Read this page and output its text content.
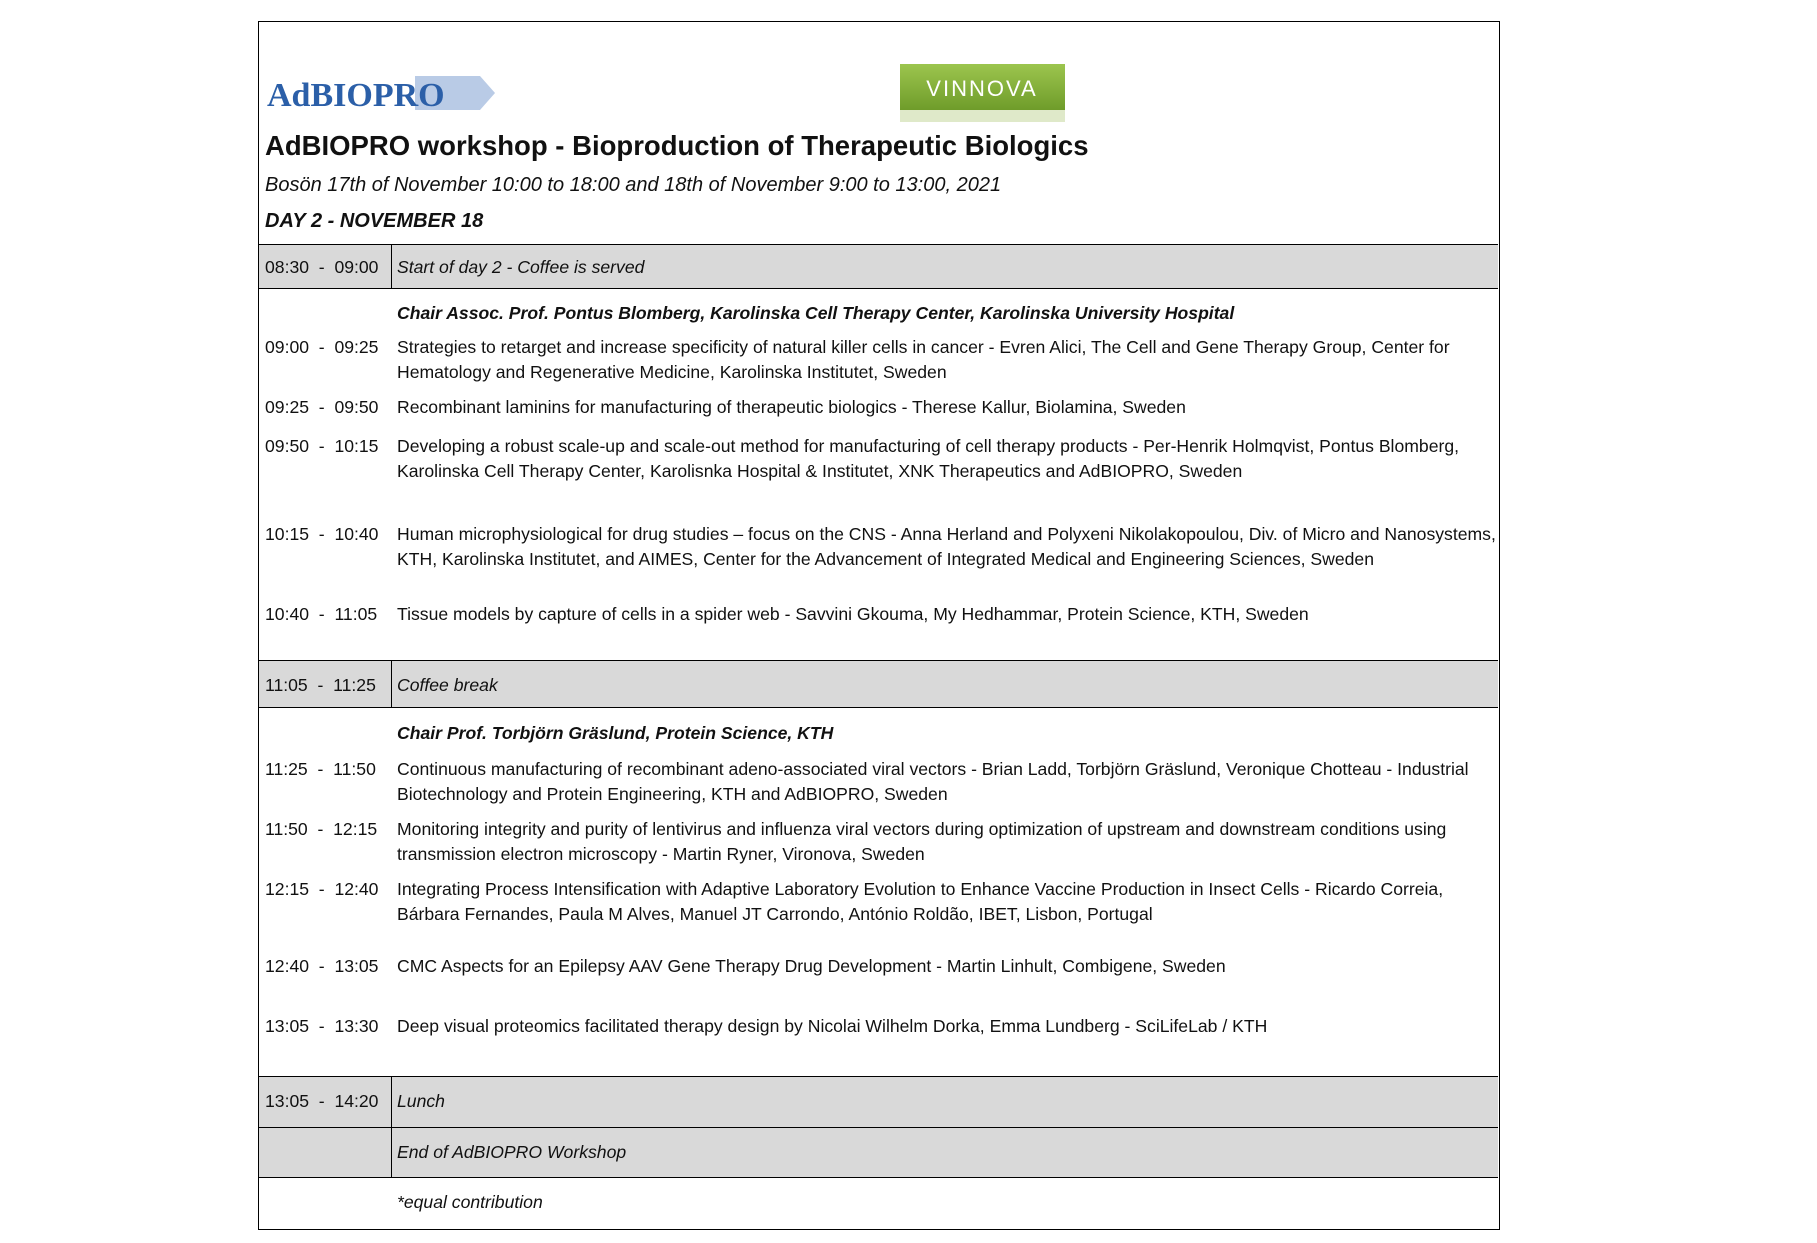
AdBIOPRO	VINNOVA
AdBIOPRO workshop - Bioproduction of Therapeutic Biologics
Bosön 17th of November 10:00 to 18:00 and 18th of November 9:00 to 13:00, 2021
DAY 2 - NOVEMBER 18
08:30  -  09:00 Start of day 2 - Coffee is served
Chair Assoc. Prof. Pontus Blomberg, Karolinska Cell Therapy Center, Karolinska University Hospital
09:00  -  09:25 Strategies to retarget and increase specificity of natural killer cells in cancer - Evren Alici, The Cell and Gene Therapy Group, Center for Hematology and Regenerative Medicine, Karolinska Institutet, Sweden
09:25  -  09:50 Recombinant laminins for manufacturing of therapeutic biologics - Therese Kallur, Biolamina, Sweden
09:50  -  10:15 Developing a robust scale-up and scale-out method for manufacturing of cell therapy products - Per-Henrik Holmqvist, Pontus Blomberg, Karolinska Cell Therapy Center, Karolisnka Hospital & Institutet, XNK Therapeutics and AdBIOPRO, Sweden
10:15  -  10:40 Human microphysiological for drug studies – focus on the CNS - Anna Herland and Polyxeni Nikolakopoulou, Div. of Micro and Nanosystems, KTH, Karolinska Institutet, and AIMES, Center for the Advancement of Integrated Medical and Engineering Sciences, Sweden
10:40  -  11:05 Tissue models by capture of cells in a spider web - Savvini Gkouma, My Hedhammar, Protein Science, KTH, Sweden
11:05  -  11:25 Coffee break
Chair Prof. Torbjörn Gräslund, Protein Science, KTH
11:25  -  11:50 Continuous manufacturing of recombinant adeno-associated viral vectors - Brian Ladd, Torbjörn Gräslund, Veronique Chotteau - Industrial Biotechnology and Protein Engineering, KTH and AdBIOPRO, Sweden
11:50  -  12:15 Monitoring integrity and purity of lentivirus and influenza viral vectors during optimization of upstream and downstream conditions using transmission electron microscopy - Martin Ryner, Vironova, Sweden
12:15  -  12:40 Integrating Process Intensification with Adaptive Laboratory Evolution to Enhance Vaccine Production in Insect Cells - Ricardo Correia, Bárbara Fernandes, Paula M Alves, Manuel JT Carrondo, António Roldão, IBET, Lisbon, Portugal
12:40  -  13:05 CMC Aspects for an Epilepsy AAV Gene Therapy Drug Development - Martin Linhult, Combigene, Sweden
13:05  -  13:30 Deep visual proteomics facilitated therapy design by Nicolai Wilhelm Dorka, Emma Lundberg - SciLifeLab / KTH
13:05  -  14:20 Lunch
End of AdBIOPRO Workshop
*equal contribution
